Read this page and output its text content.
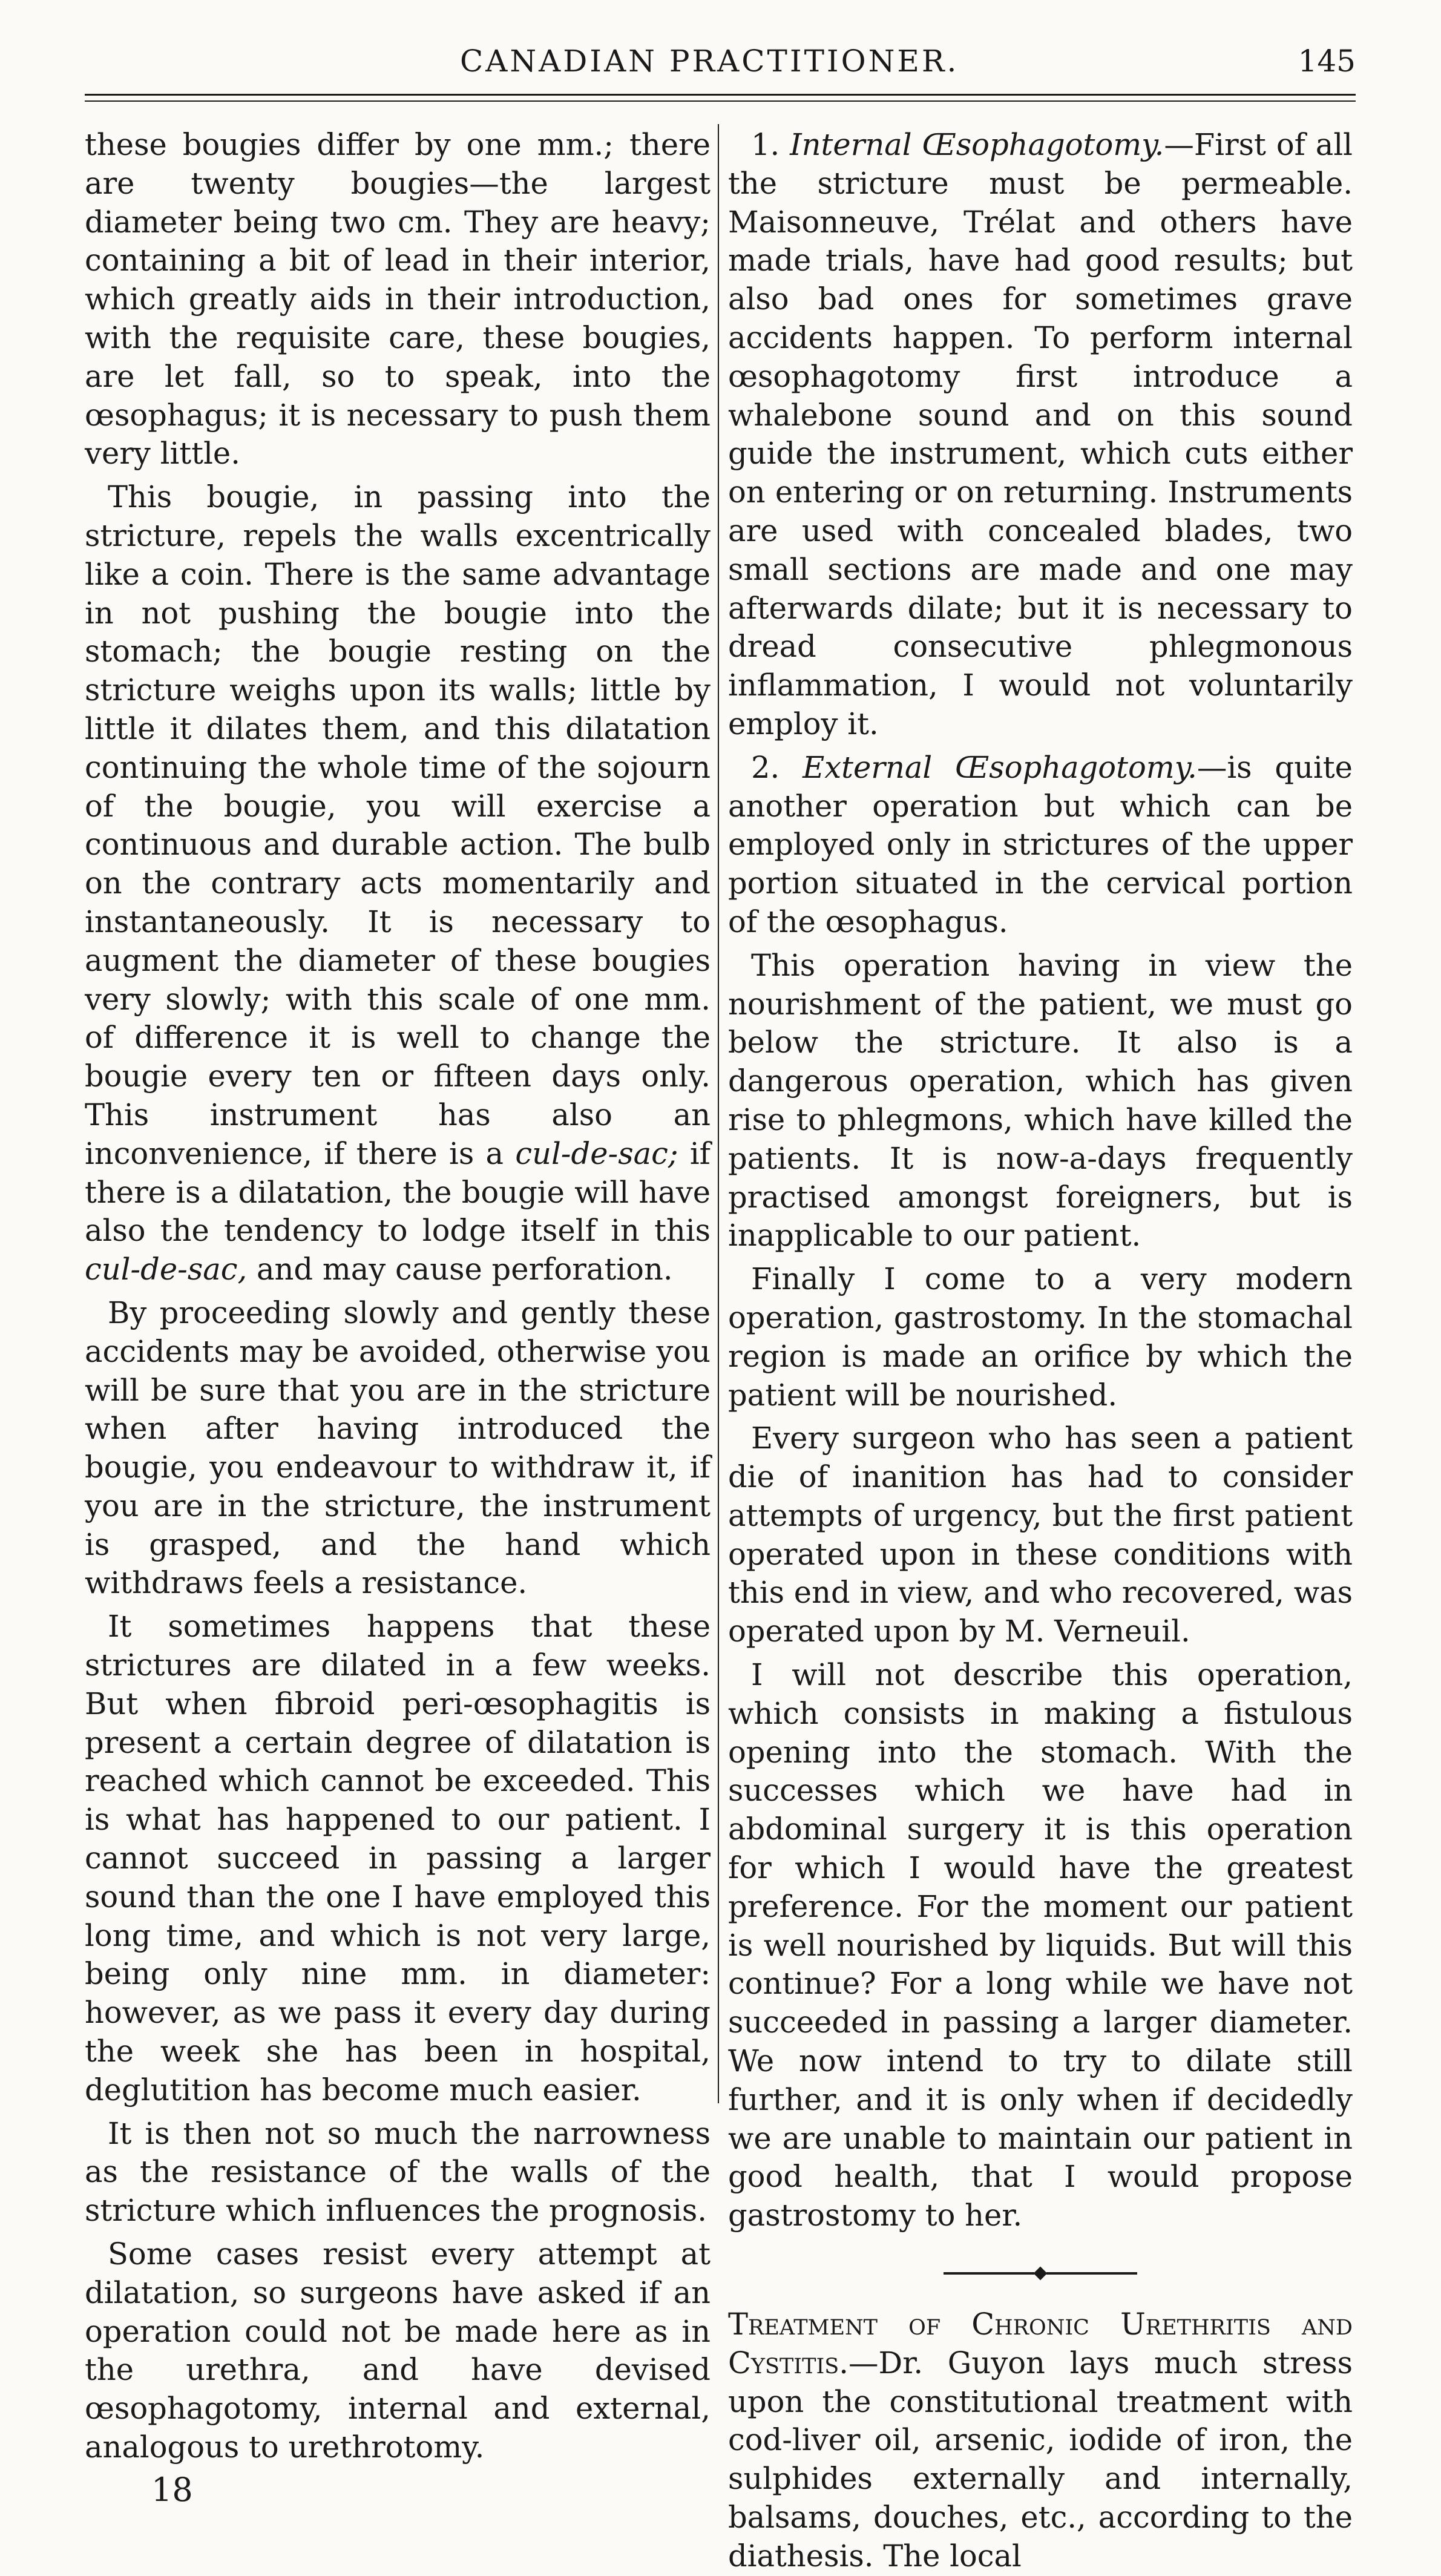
CANADIAN PRACTITIONER.	145

these bougies differ by one mm.; there are twenty bougies—the largest diameter being two cm. They are heavy; containing a bit of lead in their interior, which greatly aids in their introduction, with the requisite care, these bougies, are let fall, so to speak, into the œsophagus; it is necessary to push them very little.

This bougie, in passing into the stricture, repels the walls excentrically like a coin. There is the same advantage in not pushing the bougie into the stomach; the bougie resting on the stricture weighs upon its walls; little by little it dilates them, and this dilatation continuing the whole time of the sojourn of the bougie, you will exercise a continuous and durable action. The bulb on the contrary acts momentarily and instantaneously. It is necessary to augment the diameter of these bougies very slowly; with this scale of one mm. of difference it is well to change the bougie every ten or fifteen days only. This instrument has also an inconvenience, if there is a cul-de-sac; if there is a dilatation, the bougie will have also the tendency to lodge itself in this cul-de-sac, and may cause perforation.

By proceeding slowly and gently these accidents may be avoided, otherwise you will be sure that you are in the stricture when after having introduced the bougie, you endeavour to withdraw it, if you are in the stricture, the instrument is grasped, and the hand which withdraws feels a resistance.

It sometimes happens that these strictures are dilated in a few weeks. But when fibroid peri-œsophagitis is present a certain degree of dilatation is reached which cannot be exceeded. This is what has happened to our patient. I cannot succeed in passing a larger sound than the one I have employed this long time, and which is not very large, being only nine mm. in diameter: however, as we pass it every day during the week she has been in hospital, deglutition has become much easier.

It is then not so much the narrowness as the resistance of the walls of the stricture which influences the prognosis.

Some cases resist every attempt at dilatation, so surgeons have asked if an operation could not be made here as in the urethra, and have devised œsophagotomy, internal and external, analogous to urethrotomy.

18

1. Internal Œsophagotomy.—First of all the stricture must be permeable. Maisonneuve, Trélat and others have made trials, have had good results; but also bad ones for sometimes grave accidents happen. To perform internal œsophagotomy first introduce a whalebone sound and on this sound guide the instrument, which cuts either on entering or on returning. Instruments are used with concealed blades, two small sections are made and one may afterwards dilate; but it is necessary to dread consecutive phlegmonous inflammation, I would not voluntarily employ it.

2. External Œsophagotomy.—is quite another operation but which can be employed only in strictures of the upper portion situated in the cervical portion of the œsophagus.

This operation having in view the nourishment of the patient, we must go below the stricture. It also is a dangerous operation, which has given rise to phlegmons, which have killed the patients. It is now-a-days frequently practised amongst foreigners, but is inapplicable to our patient.

Finally I come to a very modern operation, gastrostomy. In the stomachal region is made an orifice by which the patient will be nourished.

Every surgeon who has seen a patient die of inanition has had to consider attempts of urgency, but the first patient operated upon in these conditions with this end in view, and who recovered, was operated upon by M. Verneuil.

I will not describe this operation, which consists in making a fistulous opening into the stomach. With the successes which we have had in abdominal surgery it is this operation for which I would have the greatest preference. For the moment our patient is well nourished by liquids. But will this continue? For a long while we have not succeeded in passing a larger diameter. We now intend to try to dilate still further, and it is only when if decidedly we are unable to maintain our patient in good health, that I would propose gastrostomy to her.

Treatment of Chronic Urethritis and Cystitis.—Dr. Guyon lays much stress upon the constitutional treatment with cod-liver oil, arsenic, iodide of iron, the sulphides externally and internally, balsams, douches, etc., according to the diathesis. The local
